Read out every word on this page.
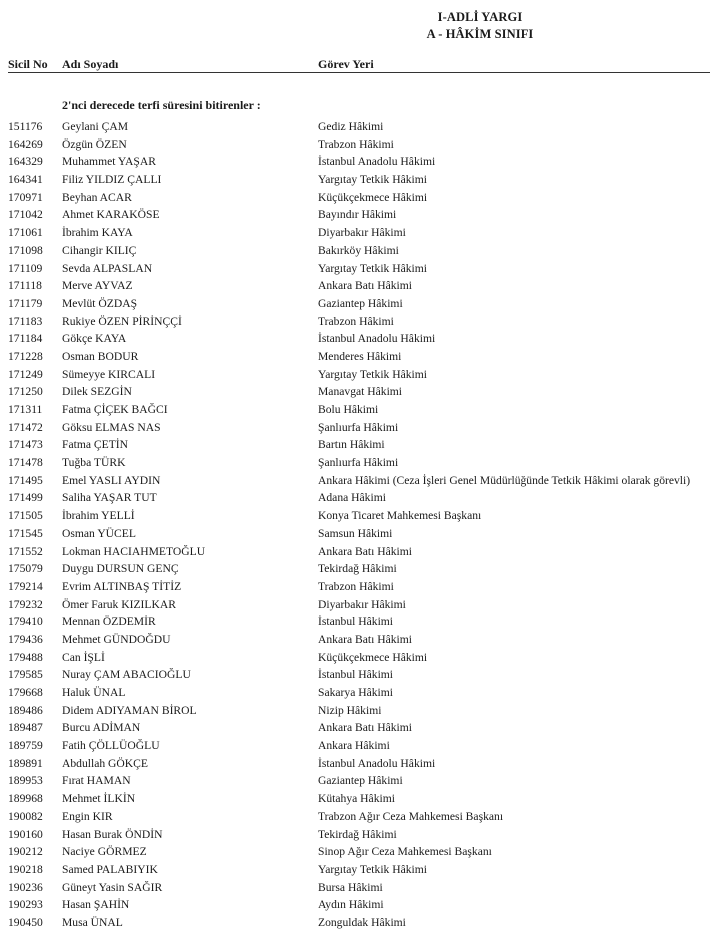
I-ADLİ YARGI
A - HÂKİM SINIFI
Sicil No Adı Soyadı	Görev Yeri
2'nci derecede terfi süresini bitirenler :
151176 Geylani ÇAM	Gediz Hâkimi
164269 Özgün ÖZEN	Trabzon Hâkimi
164329 Muhammet YAŞAR	İstanbul Anadolu Hâkimi
164341 Filiz YILDIZ ÇALLI	Yargıtay Tetkik Hâkimi
170971 Beyhan ACAR	Küçükçekmece Hâkimi
171042 Ahmet KARAKÖSE	Bayındır Hâkimi
171061 İbrahim KAYA	Diyarbakır Hâkimi
171098 Cihangir KILIÇ	Bakırköy Hâkimi
171109 Sevda ALPASLAN	Yargıtay Tetkik Hâkimi
171118 Merve AYVAZ	Ankara Batı Hâkimi
171179 Mevlüt ÖZDAŞ	Gaziantep Hâkimi
171183 Rukiye ÖZEN PİRİNÇÇİ	Trabzon Hâkimi
171184 Gökçe KAYA	İstanbul Anadolu Hâkimi
171228 Osman BODUR	Menderes Hâkimi
171249 Sümeyye KIRCALI	Yargıtay Tetkik Hâkimi
171250 Dilek SEZGİN	Manavgat Hâkimi
171311 Fatma ÇİÇEK BAĞCI	Bolu Hâkimi
171472 Göksu ELMAS NAS	Şanlıurfa Hâkimi
171473 Fatma ÇETİN	Bartın Hâkimi
171478 Tuğba TÜRK	Şanlıurfa Hâkimi
171495 Emel YASLI AYDIN	Ankara Hâkimi (Ceza İşleri Genel Müdürlüğünde Tetkik Hâkimi olarak görevli)
171499 Saliha YAŞAR TUT	Adana Hâkimi
171505 İbrahim YELLİ	Konya Ticaret Mahkemesi Başkanı
171545 Osman YÜCEL	Samsun Hâkimi
171552 Lokman HACIAHMETOĞLU	Ankara Batı Hâkimi
175079 Duygu DURSUN GENÇ	Tekirdağ Hâkimi
179214 Evrim ALTINBAŞ TİTİZ	Trabzon Hâkimi
179232 Ömer Faruk KIZILKAR	Diyarbakır Hâkimi
179410 Mennan ÖZDEMİR	İstanbul Hâkimi
179436 Mehmet GÜNDOĞDU	Ankara Batı Hâkimi
179488 Can İŞLİ	Küçükçekmece Hâkimi
179585 Nuray ÇAM ABACIOĞLU	İstanbul Hâkimi
179668 Haluk ÜNAL	Sakarya Hâkimi
189486 Didem ADIYAMAN BİROL	Nizip Hâkimi
189487 Burcu ADİMAN	Ankara Batı Hâkimi
189759 Fatih ÇÖLLÜOĞLU	Ankara Hâkimi
189891 Abdullah GÖKÇE	İstanbul Anadolu Hâkimi
189953 Fırat HAMAN	Gaziantep Hâkimi
189968 Mehmet İLKİN	Kütahya Hâkimi
190082 Engin KIR	Trabzon Ağır Ceza Mahkemesi Başkanı
190160 Hasan Burak ÖNDİN	Tekirdağ Hâkimi
190212 Naciye GÖRMEZ	Sinop Ağır Ceza Mahkemesi Başkanı
190218 Samed PALABIYIK	Yargıtay Tetkik Hâkimi
190236 Güneyt Yasin SAĞIR	Bursa Hâkimi
190293 Hasan ŞAHİN	Aydın Hâkimi
190450 Musa ÜNAL	Zonguldak Hâkimi
